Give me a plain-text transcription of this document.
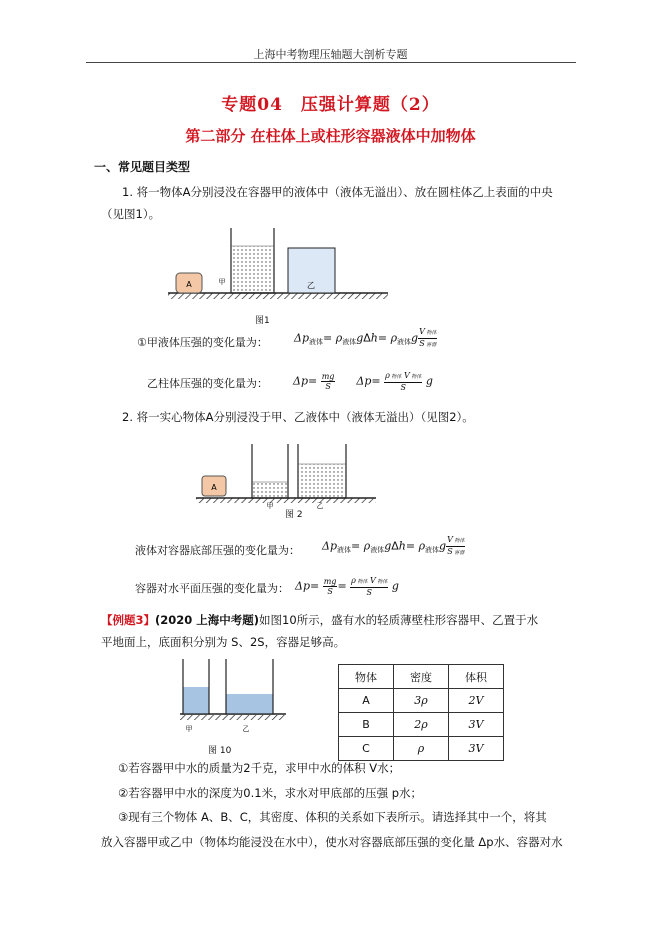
上海中考物理压轴题大剖析专题
专题04　压强计算题（2）
第二部分 在柱体上或柱形容器液体中加物体
一、常见题目类型
1. 将一物体A分别浸没在容器甲的液体中（液体无溢出）、放在圆柱体乙上表面的中央
（见图1）。
A	甲	乙
图1
①甲液体压强的变化量为： Δp液体= ρ液体gΔh= ρ液体g $\frac{\text{V 物体}}{\text{S 容器}}$
乙柱体压强的变化量为： $\Delta p= \frac{mg}{S} \Delta p= \frac{\text{ρ 物体 V 物体}}{S}$ g
2. 将一实心物体A分别浸没于甲、乙液体中（液体无溢出）（见图2）。
A
甲	乙
图 2
液体对容器底部压强的变化量为： Δp液体= ρ液体gΔh= ρ液体g $\frac{\text{V 物体}}{\text{S 容器}}$
容器对水平面压强的变化量为： $\Delta p= \frac{mg}{S} = \frac{\text{ρ 物体 V 物体}}{S}$ g
【例题3】(2020 上海中考题)如图10所示，盛有水的轻质薄壁柱形容器甲、乙置于水
平地面上，底面积分别为 S、2S，容器足够高。
甲	乙
图 10
物体	密度	体积
A	3ρ	2V
B	2ρ	3V
C	ρ	3V
①若容器甲中水的质量为2千克，求甲中水的体积 V水；
②若容器甲中水的深度为0.1米，求水对甲底部的压强 p水；
③现有三个物体 A、B、C，其密度、体积的关系如下表所示。请选择其中一个，将其
放入容器甲或乙中（物体均能浸没在水中），使水对容器底部压强的变化量 Δp水、容器对水
